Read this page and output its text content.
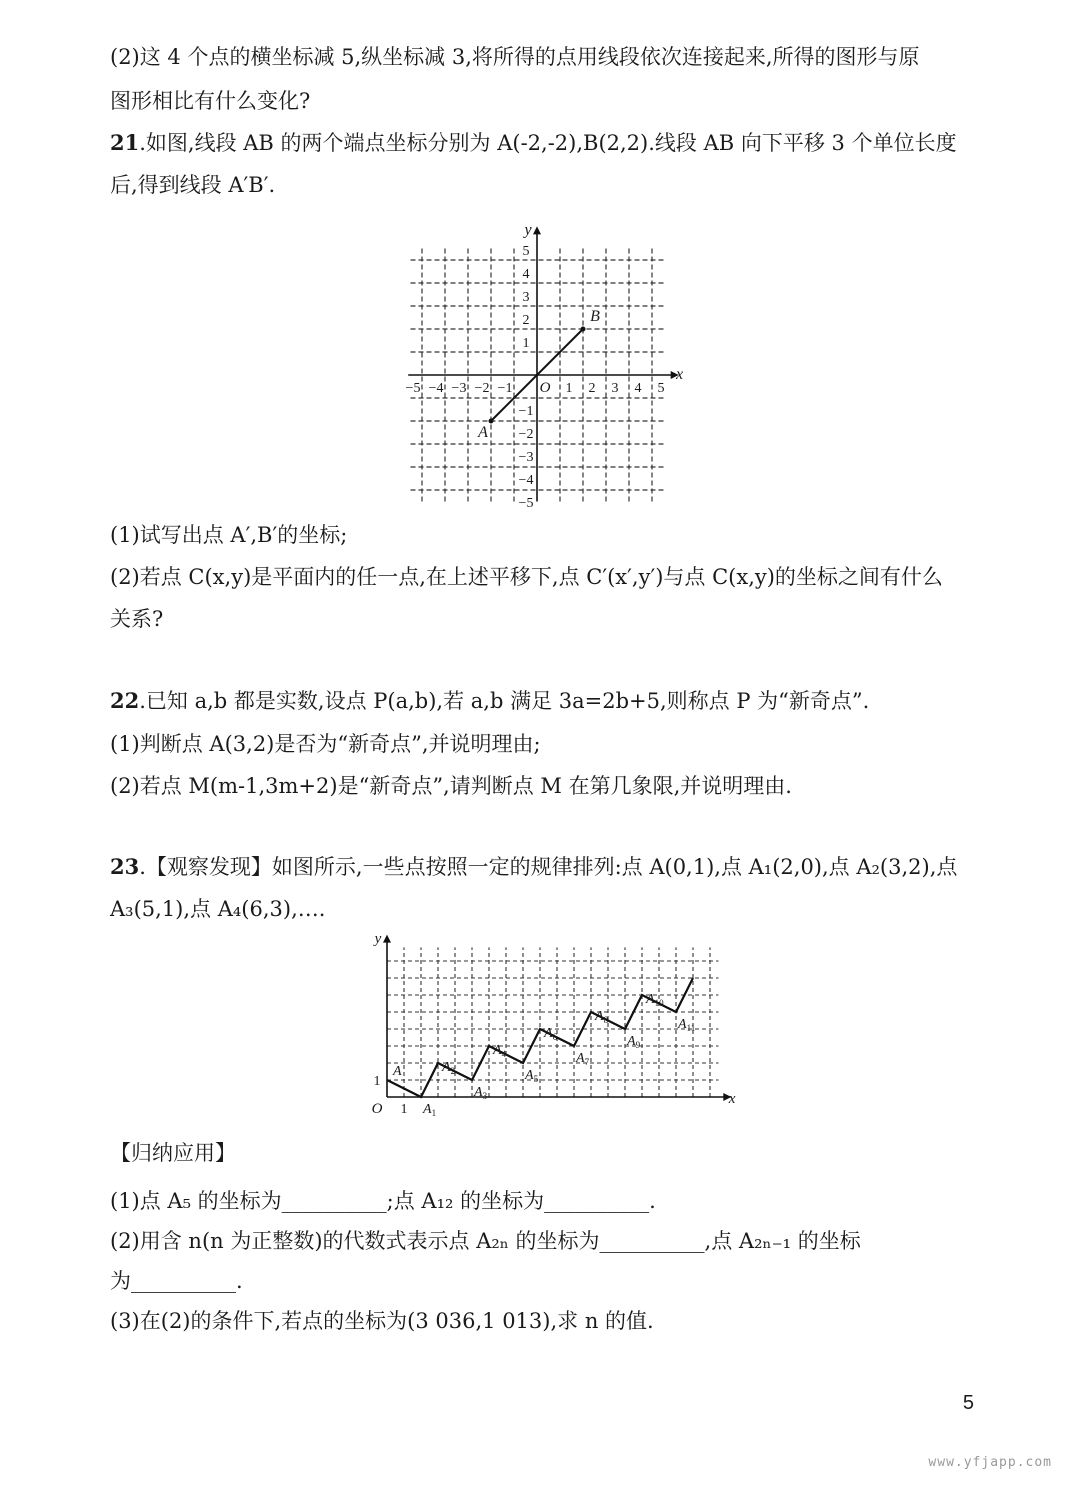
(2)这 4 个点的横坐标减 5,纵坐标减 3,将所得的点用线段依次连接起来,所得的图形与原
图形相比有什么变化?
21.如图,线段 AB 的两个端点坐标分别为 A(-2,-2),B(2,2).线段 AB 向下平移 3 个单位长度
后,得到线段 A′B′.
x
y
O
−5 −4 −3 −2 −1	1 2 3 4 5
−5
−4
−3
−2
−1
1
2
3
4
5
A
B
(1)试写出点 A′,B′的坐标;
(2)若点 C(x,y)是平面内的任一点,在上述平移下,点 C′(x′,y′)与点 C(x,y)的坐标之间有什么
关系?
22.已知 a,b 都是实数,设点 P(a,b),若 a,b 满足 3a=2b+5,则称点 P 为“新奇点”.
(1)判断点 A(3,2)是否为“新奇点”,并说明理由;
(2)若点 M(m-1,3m+2)是“新奇点”,请判断点 M 在第几象限,并说明理由.
23.【观察发现】如图所示,一些点按照一定的规律排列:点 A(0,1),点 A₁(2,0),点 A₂(3,2),点
A₃(5,1),点 A₄(6,3),….
x
y
O 1
1
A
$A_1$
$A_2$
$A_3$
$A_4$
$A_5$
$A_6$
$A_7$
$A_8$
$A_9$
$A_{10}$
$A_{11}$
【归纳应用】
(1)点 A₅ 的坐标为__________;点 A₁₂ 的坐标为__________.
(2)用含 n(n 为正整数)的代数式表示点 A₂ₙ 的坐标为__________,点 A₂ₙ₋₁ 的坐标
为__________.
(3)在(2)的条件下,若点的坐标为(3 036,1 013),求 n 的值.
5
www.yfjapp.com
